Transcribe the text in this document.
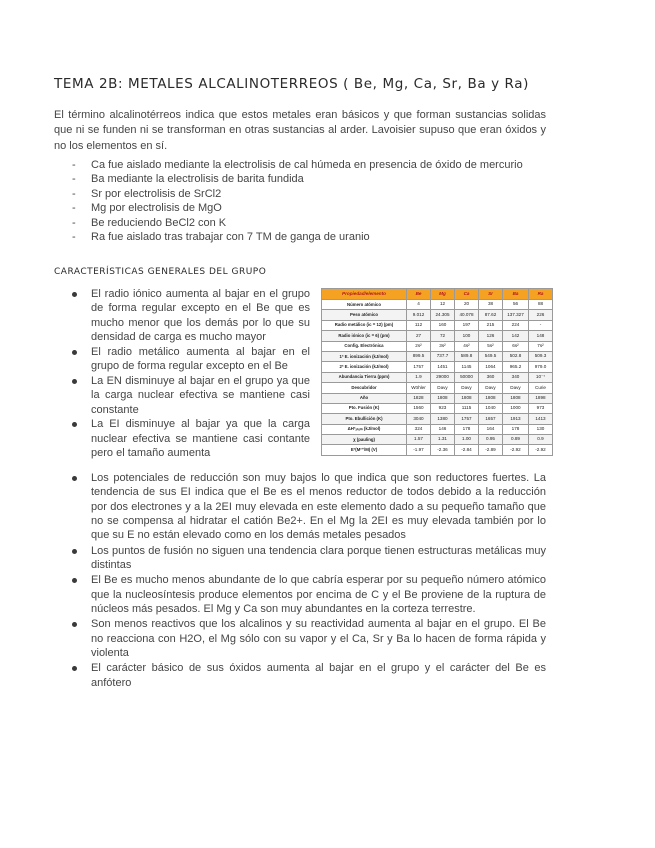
TEMA 2B: METALES ALCALINOTERREOS ( Be, Mg, Ca, Sr, Ba y Ra)

El término alcalinotérreos indica que estos metales eran básicos y que forman sustancias solidas que ni se funden ni se transforman en otras sustancias al arder. Lavoisier supuso que eran óxidos y no los elementos en sí.

- Ca fue aislado mediante la electrolisis de cal húmeda en presencia de óxido de mercurio
- Ba mediante la electrolisis de barita fundida
- Sr por electrolisis de SrCl2
- Mg por electrolisis de MgO
- Be reduciendo BeCl2 con K
- Ra fue aislado tras trabajar con 7 TM de ganga de uranio
CARACTERÍSTICAS GENERALES DEL GRUPO
El radio iónico aumenta al bajar en el grupo de forma regular excepto en el Be que es mucho menor que los demás por lo que su densidad de carga es mucho mayor
El radio metálico aumenta al bajar en el grupo de forma regular excepto en el Be
La EN disminuye al bajar en el grupo ya que la carga nuclear efectiva se mantiene casi constante
La EI disminuye al bajar ya que la carga nuclear efectiva se mantiene casi contante pero el tamaño aumenta
Propiedad/elemento	Be	Mg	Ca	Sr	Ba	Ra
Número atómico	4	12	20	38	56	88
Peso atómico	9.012	24.305	40.078	87.62	137.327	226
Radio metálico (ic = 12) (pm)	112	160	197	215	224	-
Radio iónico (ic = 6) (pm)	27	72	100	126	142	148
Config. Electrónica	2s²	3s²	4s²	5s²	6s²	7s²
1ª E. ionización (kJ/mol)	899.5	737.7	589.8	549.5	502.8	509.3
2ª E. ionización (kJ/mol)	1757	1451	1145	1064	965.2	979.0
Abundancia Tierra (ppm)	1.9	29000	50000	360	340	10⁻⁷
Descubridor	Wöhler	Davy	Davy	Davy	Davy	Curie
Año	1828	1808	1808	1808	1808	1898
Pto. Fusión (K)	1560	923	1115	1040	1000	973
Pto. Ebullición (K)	3040	1380	1757	1657	1913	1413
ΔHºₐₜₒₘ (kJ/mol)	324	146	178	164	178	130
χ (pauling)	1.57	1.31	1.00	0.95	0.89	0.9
Eº(M²⁺/M) (V)	-1.97	-2.36	-2.84	-2.89	-2.92	-2.92
Los potenciales de reducción son muy bajos lo que indica que son reductores fuertes. La tendencia de sus EI indica que el Be es el menos reductor de todos debido a la reducción por dos electrones y a la 2EI muy elevada en este elemento dado a su pequeño tamaño que no se compensa al hidratar el catión Be2+. En el Mg la 2EI es muy elevada también por lo que su E no están elevado como en los demás metales pesados
Los puntos de fusión no siguen una tendencia clara porque tienen estructuras metálicas muy distintas
El Be es mucho menos abundante de lo que cabría esperar por su pequeño número atómico que la nucleosíntesis produce elementos por encima de C y el Be proviene de la ruptura de núcleos más pesados. El Mg y Ca son muy abundantes en la corteza terrestre.
Son menos reactivos que los alcalinos y su reactividad aumenta al bajar en el grupo. El Be no reacciona con H2O, el Mg sólo con su vapor y el Ca, Sr y Ba lo hacen de forma rápida y violenta
El carácter básico de sus óxidos aumenta al bajar en el grupo y el carácter del Be es anfótero
